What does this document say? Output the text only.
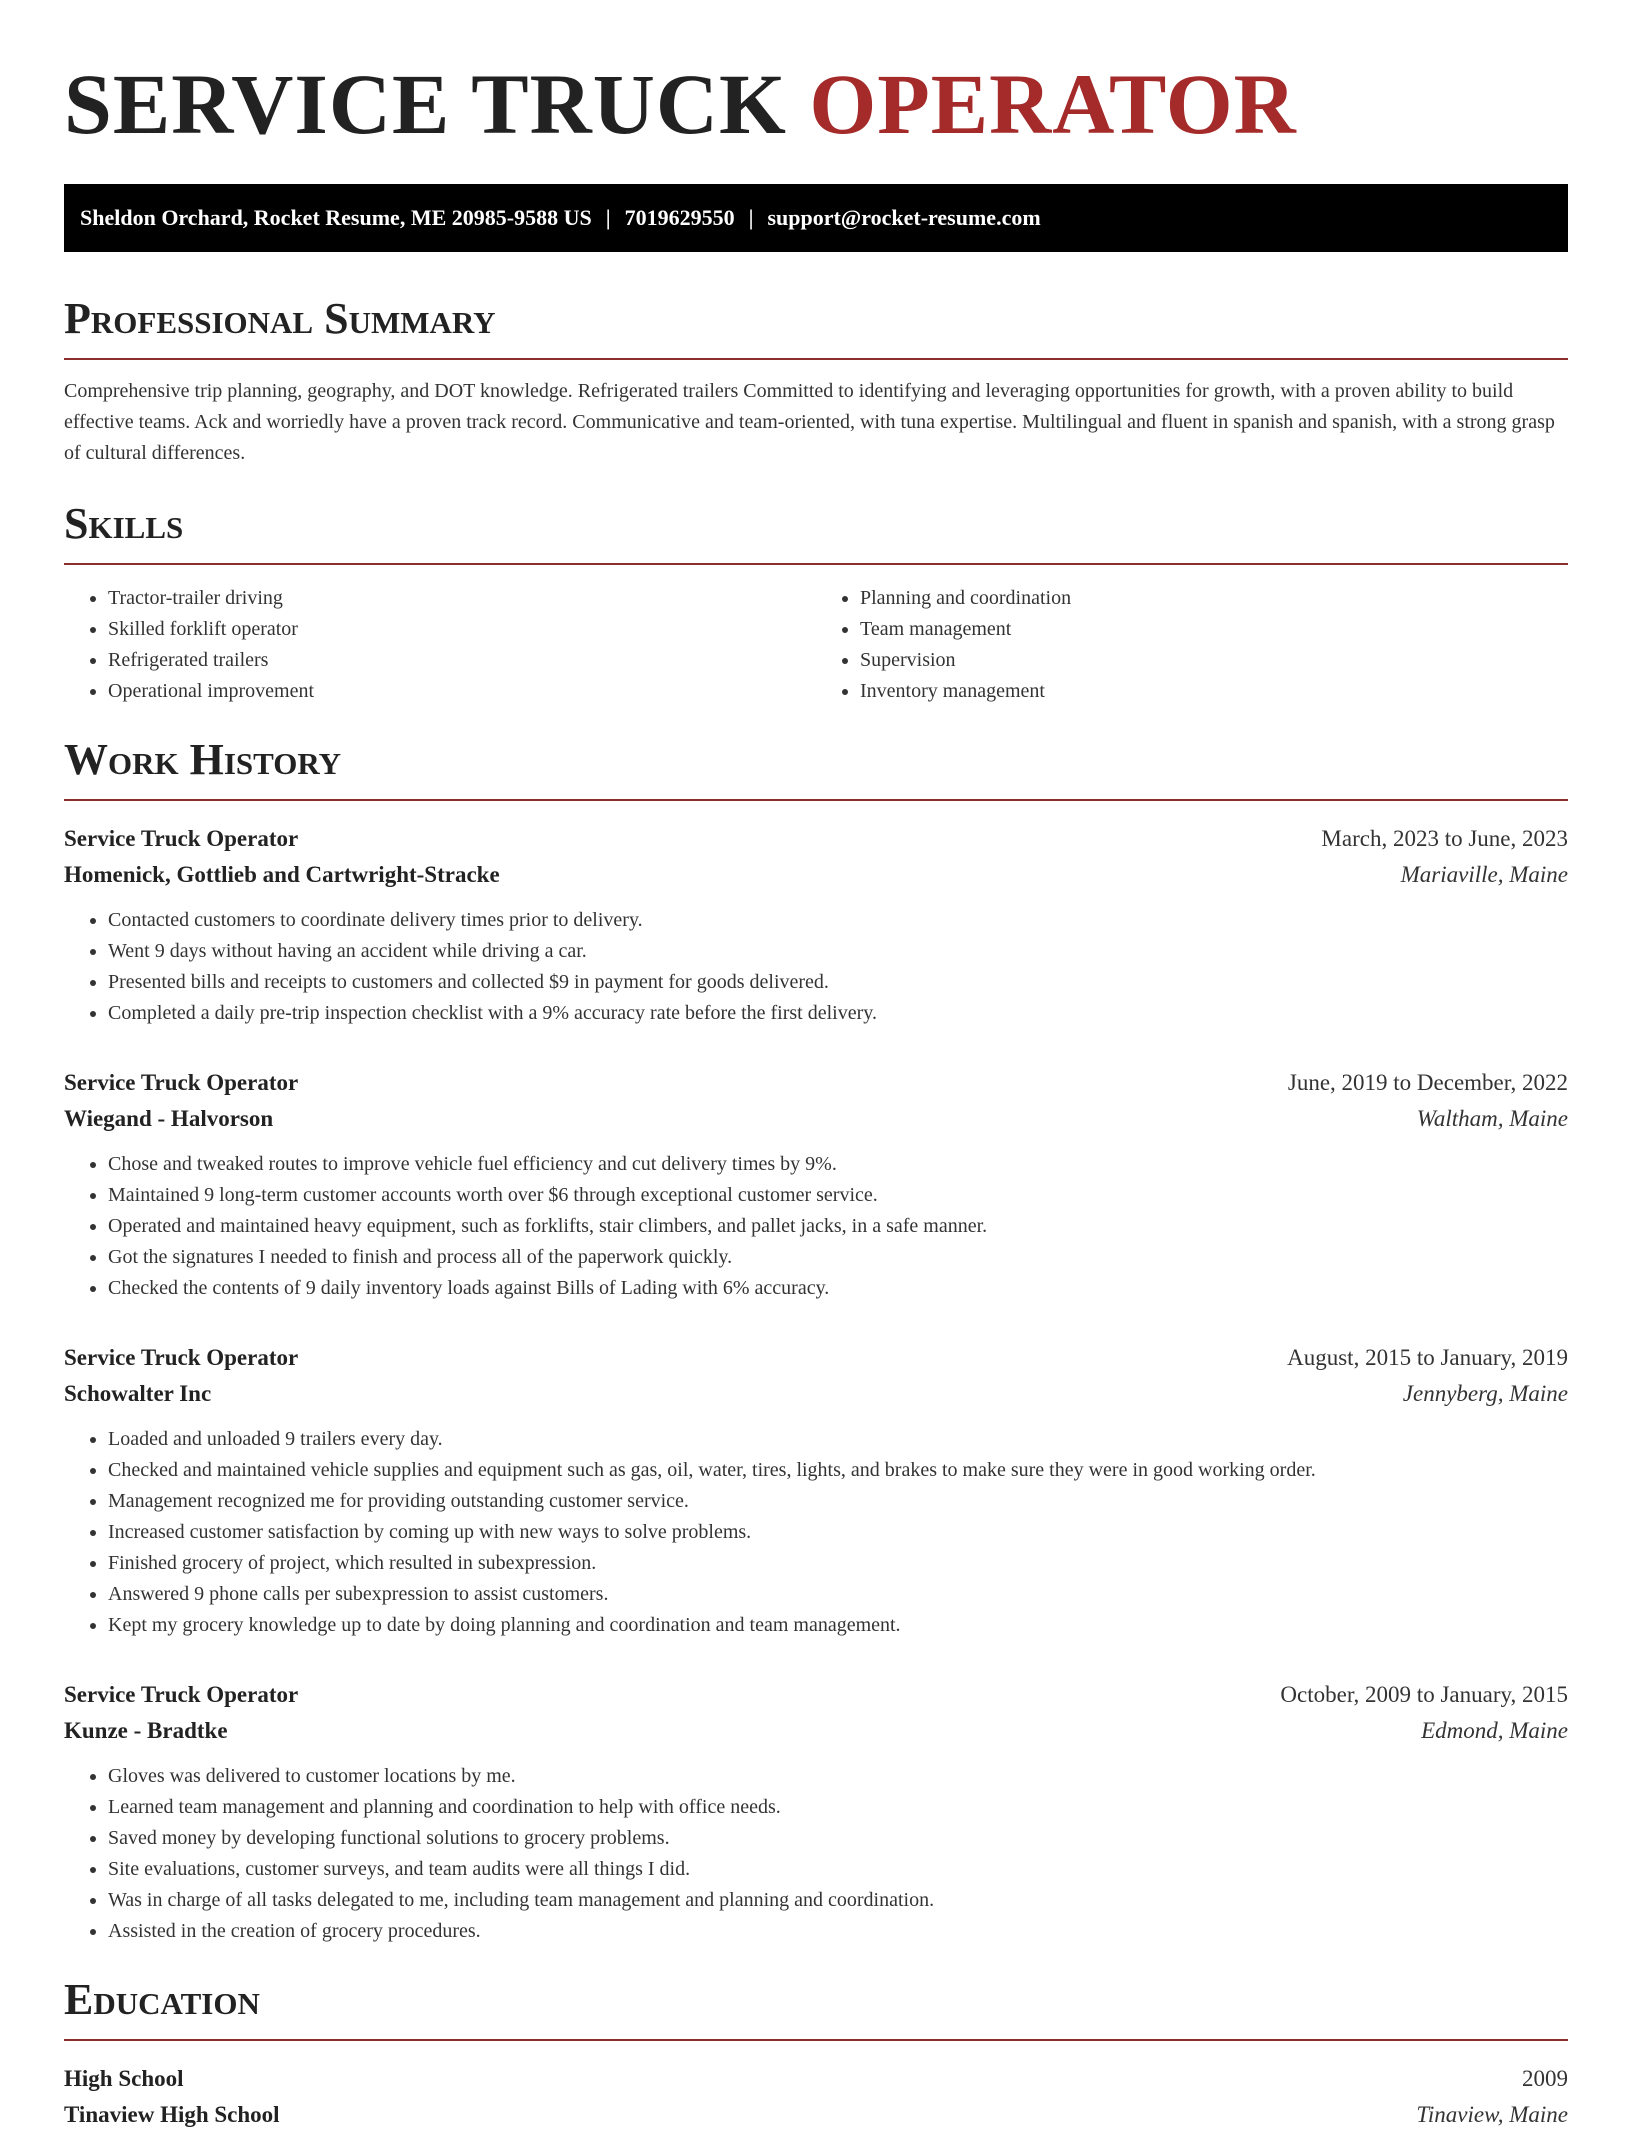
SERVICE TRUCK OPERATOR
Sheldon Orchard, Rocket Resume, ME 20985-9588 US | 7019629550 | support@rocket-resume.com
Professional Summary

Comprehensive trip planning, geography, and DOT knowledge. Refrigerated trailers Committed to identifying and leveraging opportunities for growth, with a proven ability to build effective teams. Ack and worriedly have a proven track record. Communicative and team-oriented, with tuna expertise. Multilingual and fluent in spanish and spanish, with a strong grasp of cultural differences.

Skills
• Tractor-trailer driving
• Skilled forklift operator
• Refrigerated trailers
• Operational improvement
• Planning and coordination
• Team management
• Supervision
• Inventory management
Work History
Service Truck Operator	March, 2023 to June, 2023
Homenick, Gottlieb and Cartwright-Stracke	Mariaville, Maine
• Contacted customers to coordinate delivery times prior to delivery.
• Went 9 days without having an accident while driving a car.
• Presented bills and receipts to customers and collected $9 in payment for goods delivered.
• Completed a daily pre-trip inspection checklist with a 9% accuracy rate before the first delivery.
Service Truck Operator	June, 2019 to December, 2022
Wiegand - Halvorson	Waltham, Maine
• Chose and tweaked routes to improve vehicle fuel efficiency and cut delivery times by 9%.
• Maintained 9 long-term customer accounts worth over $6 through exceptional customer service.
• Operated and maintained heavy equipment, such as forklifts, stair climbers, and pallet jacks, in a safe manner.
• Got the signatures I needed to finish and process all of the paperwork quickly.
• Checked the contents of 9 daily inventory loads against Bills of Lading with 6% accuracy.
Service Truck Operator	August, 2015 to January, 2019
Schowalter Inc	Jennyberg, Maine
• Loaded and unloaded 9 trailers every day.
• Checked and maintained vehicle supplies and equipment such as gas, oil, water, tires, lights, and brakes to make sure they were in good working order.
• Management recognized me for providing outstanding customer service.
• Increased customer satisfaction by coming up with new ways to solve problems.
• Finished grocery of project, which resulted in subexpression.
• Answered 9 phone calls per subexpression to assist customers.
• Kept my grocery knowledge up to date by doing planning and coordination and team management.
Service Truck Operator	October, 2009 to January, 2015
Kunze - Bradtke	Edmond, Maine
• Gloves was delivered to customer locations by me.
• Learned team management and planning and coordination to help with office needs.
• Saved money by developing functional solutions to grocery problems.
• Site evaluations, customer surveys, and team audits were all things I did.
• Was in charge of all tasks delegated to me, including team management and planning and coordination.
• Assisted in the creation of grocery procedures.
Education
High School	2009
Tinaview High School	Tinaview, Maine
